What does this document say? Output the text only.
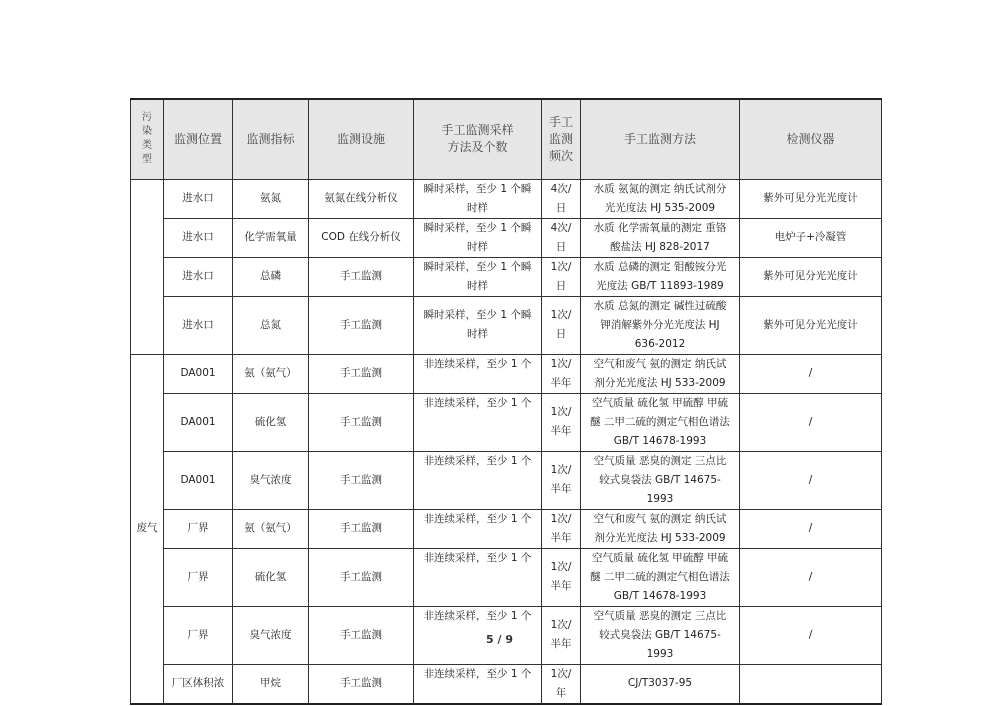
污染类型	监测位置	监测指标	监测设施	手工监测采样方法及个数	手工监测频次	手工监测方法	检测仪器
	进水口	氨氮	氨氮在线分析仪	瞬时采样，至少 1 个瞬时样	4次/日	水质 氨氮的测定 纳氏试剂分光光度法 HJ 535-2009	紫外可见分光光度计
	进水口	化学需氧量	COD 在线分析仪	瞬时采样，至少 1 个瞬时样	4次/日	水质 化学需氧量的测定 重铬酸盐法 HJ 828-2017	电炉子+冷凝管
	进水口	总磷	手工监测	瞬时采样，至少 1 个瞬时样	1次/日	水质 总磷的测定 钼酸铵分光光度法 GB/T 11893-1989	紫外可见分光光度计
	进水口	总氮	手工监测	瞬时采样，至少 1 个瞬时样	1次/日	水质 总氮的测定 碱性过硫酸钾消解紫外分光光度法 HJ 636-2012	紫外可见分光光度计
废气	DA001	氨（氨气）	手工监测	非连续采样，至少 1 个	1次/半年	空气和废气 氨的测定 纳氏试剂分光光度法 HJ 533-2009	/
	DA001	硫化氢	手工监测	非连续采样，至少 1 个	1次/半年	空气质量 硫化氢 甲硫醇 甲硫醚 二甲二硫的测定气相色谱法 GB/T 14678-1993	/
	DA001	臭气浓度	手工监测	非连续采样，至少 1 个	1次/半年	空气质量 恶臭的测定 三点比较式臭袋法 GB/T 14675-1993	/
	厂界	氨（氨气）	手工监测	非连续采样，至少 1 个	1次/半年	空气和废气 氨的测定 纳氏试剂分光光度法 HJ 533-2009	/
	厂界	硫化氢	手工监测	非连续采样，至少 1 个	1次/半年	空气质量 硫化氢 甲硫醇 甲硫醚 二甲二硫的测定气相色谱法 GB/T 14678-1993	/
	厂界	臭气浓度	手工监测	非连续采样，至少 1 个	1次/半年	空气质量 恶臭的测定 三点比较式臭袋法 GB/T 14675-1993	/
	厂区体积浓	甲烷	手工监测	非连续采样，至少 1 个	1次/年	CJ/T3037-95	
5 / 9
